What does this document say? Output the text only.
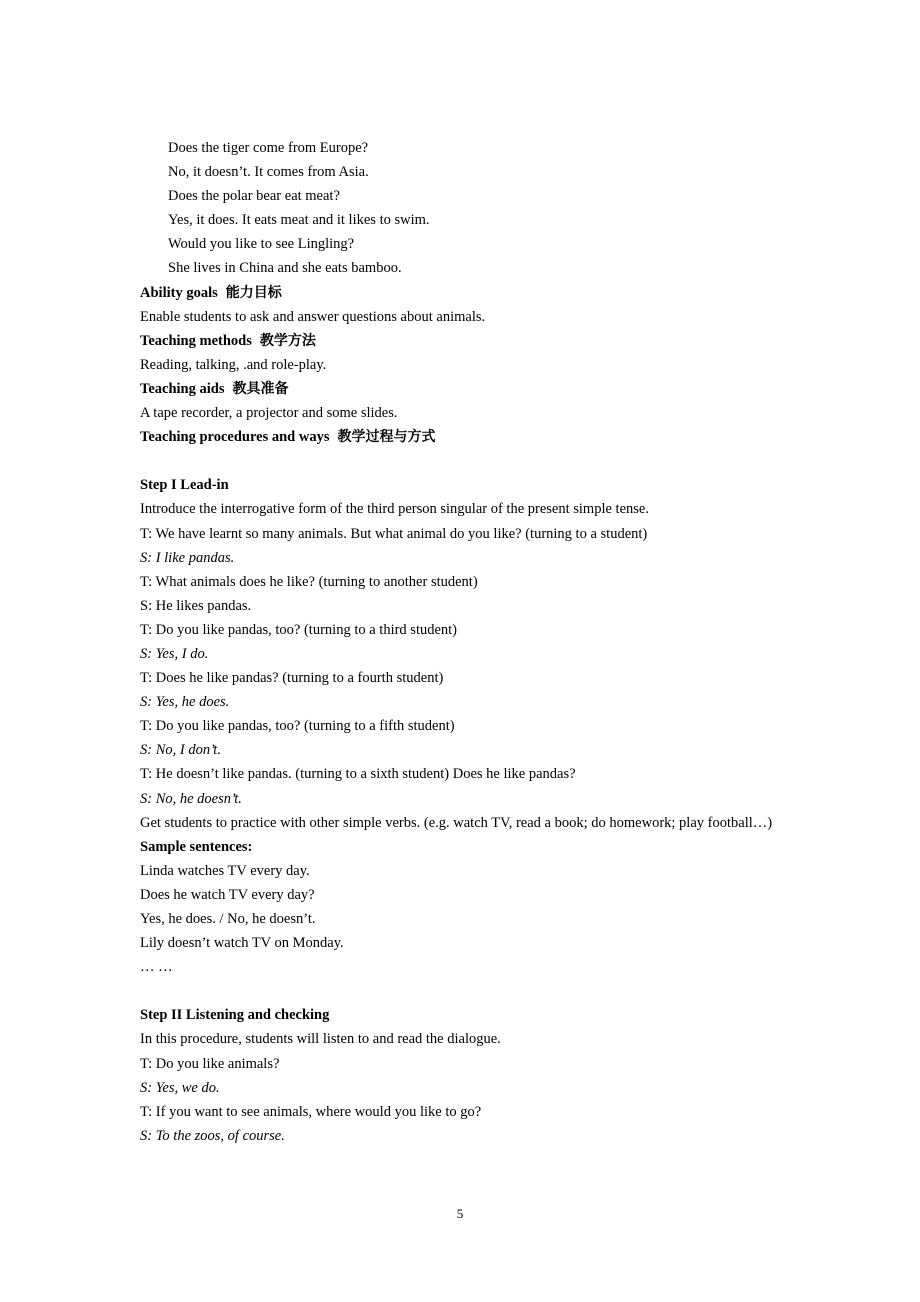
Does the tiger come from Europe?
No, it doesn’t. It comes from Asia.
Does the polar bear eat meat?
Yes, it does. It eats meat and it likes to swim.
Would you like to see Lingling?
She lives in China and she eats bamboo.
Ability goals 能力目标
Enable students to ask and answer questions about animals.
Teaching methods 教学方法
Reading, talking, .and role-play.
Teaching aids 教具准备
A tape recorder, a projector and some slides.
Teaching procedures and ways 教学过程与方式
Step I Lead-in
Introduce the interrogative form of the third person singular of the present simple tense.
T: We have learnt so many animals. But what animal do you like? (turning to a student)
S: I like pandas.
T: What animals does he like? (turning to another student)
S: He likes pandas.
T: Do you like pandas, too? (turning to a third student)
S: Yes, I do.
T: Does he like pandas? (turning to a fourth student)
S: Yes, he does.
T: Do you like pandas, too? (turning to a fifth student)
S: No, I don’t.
T: He doesn’t like pandas. (turning to a sixth student) Does he like pandas?
S: No, he doesn’t.
Get students to practice with other simple verbs. (e.g. watch TV, read a book; do homework; play football…)
Sample sentences:
Linda watches TV every day.
Does he watch TV every day?
Yes, he does. / No, he doesn’t.
Lily doesn’t watch TV on Monday.
… …
Step II Listening and checking
In this procedure, students will listen to and read the dialogue.
T: Do you like animals?
S: Yes, we do.
T: If you want to see animals, where would you like to go?
S: To the zoos, of course.
5
